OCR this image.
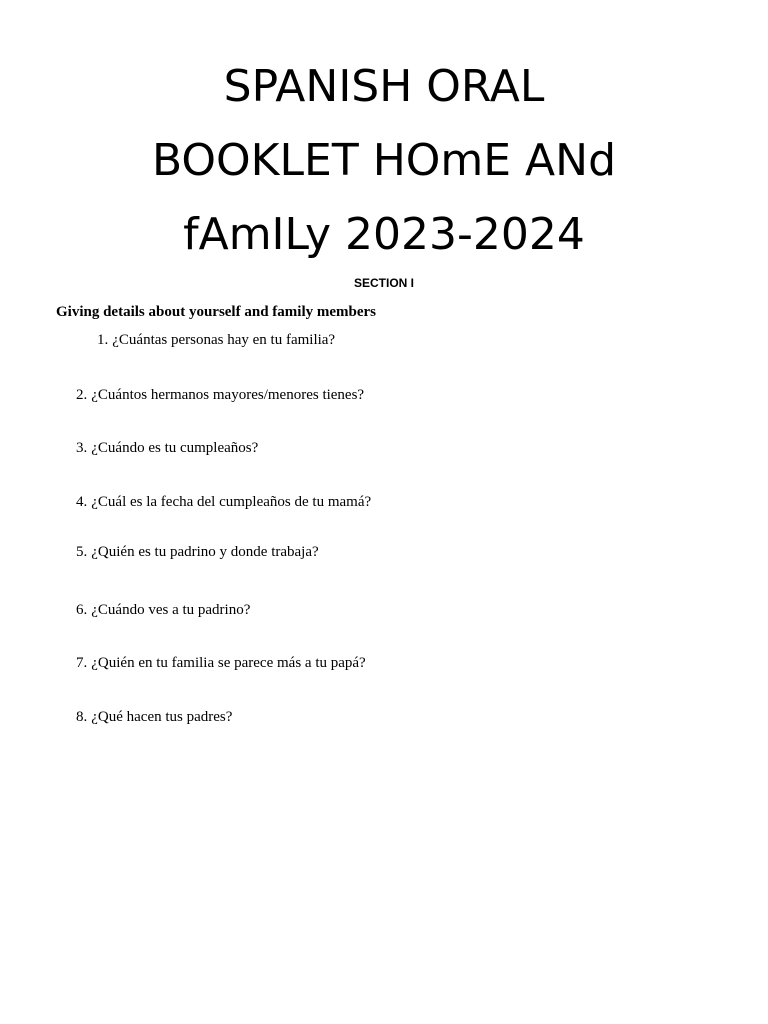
SPANISH ORAL
BOOKLET HOmE ANd
fAmILy 2023-2024
SECTION I
Giving details about yourself and family members
1. ¿Cuántas personas hay en tu familia?
2. ¿Cuántos hermanos mayores/menores tienes?
3. ¿Cuándo es tu cumpleaños?
4. ¿Cuál es la fecha del cumpleaños de tu mamá?
5. ¿Quién es tu padrino y donde trabaja?
6. ¿Cuándo ves a tu padrino?
7. ¿Quién en tu familia se parece más a tu papá?
8. ¿Qué hacen tus padres?
